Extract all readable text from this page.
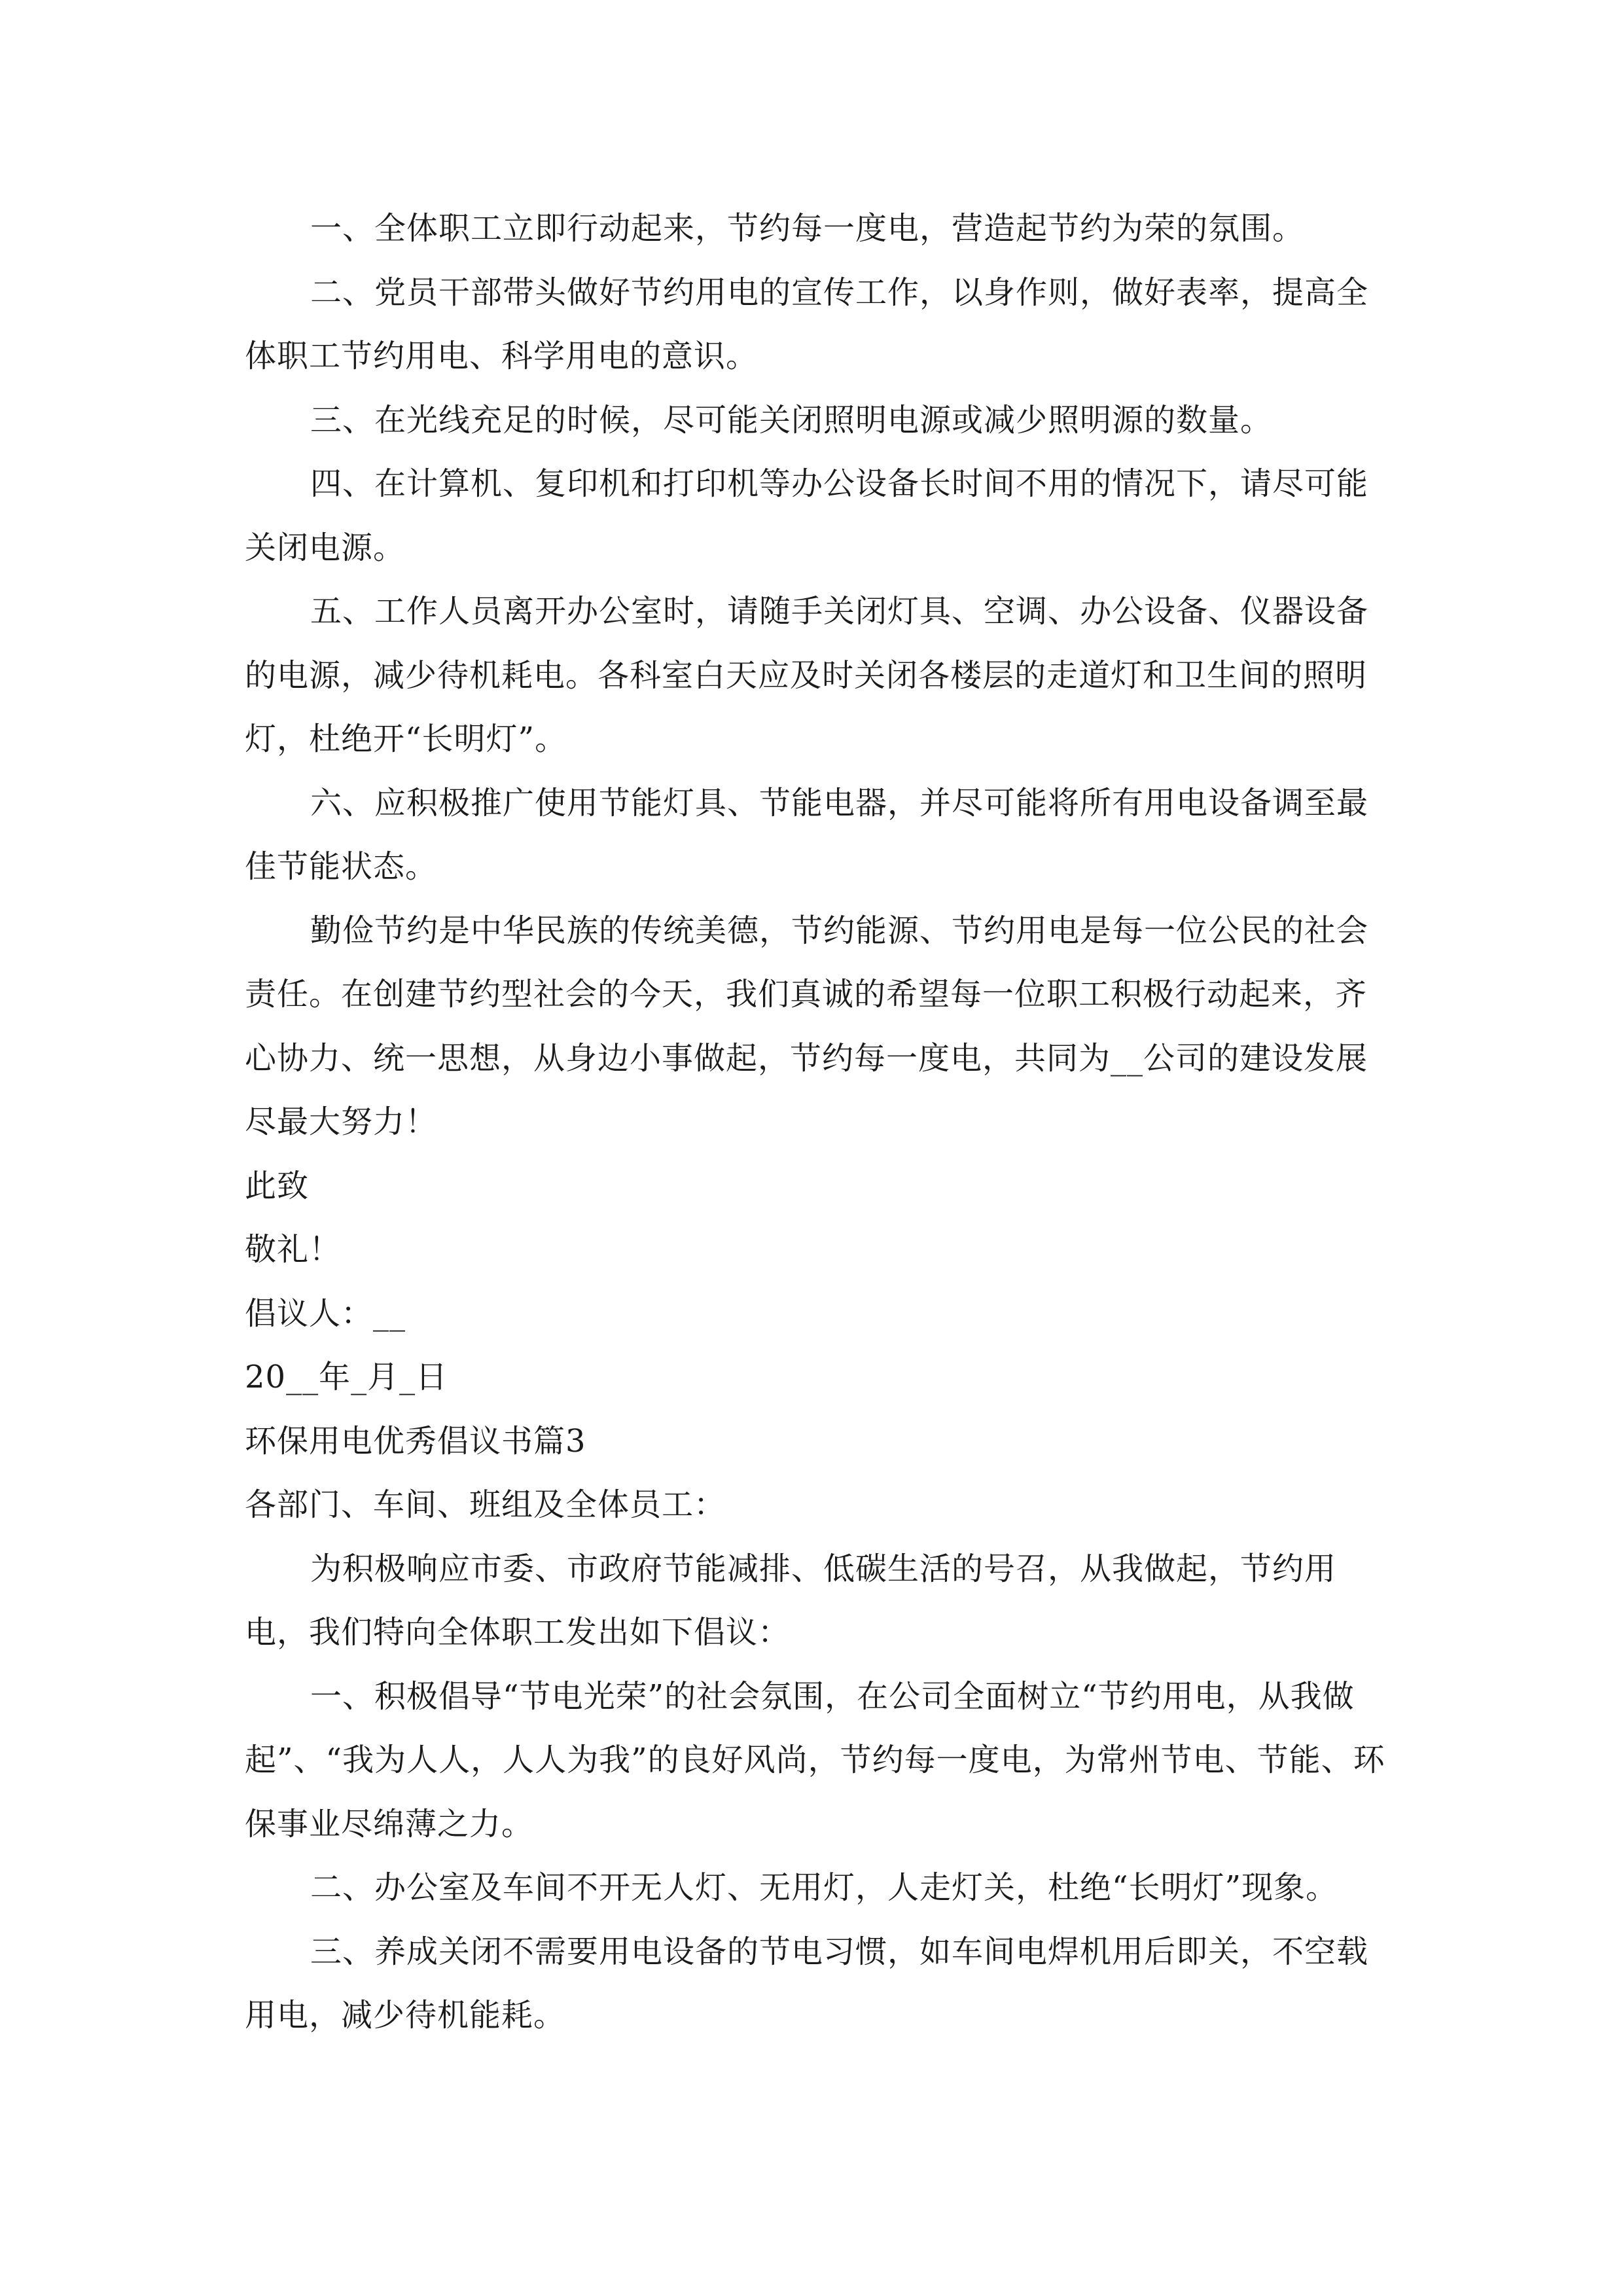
一、全体职工立即行动起来，节约每一度电，营造起节约为荣的氛围。

二、党员干部带头做好节约用电的宣传工作，以身作则，做好表率，提高全体职工节约用电、科学用电的意识。

三、在光线充足的时候，尽可能关闭照明电源或减少照明源的数量。

四、在计算机、复印机和打印机等办公设备长时间不用的情况下，请尽可能关闭电源。

五、工作人员离开办公室时，请随手关闭灯具、空调、办公设备、仪器设备的电源，减少待机耗电。各科室白天应及时关闭各楼层的走道灯和卫生间的照明灯，杜绝开“长明灯”。

六、应积极推广使用节能灯具、节能电器，并尽可能将所有用电设备调至最佳节能状态。

勤俭节约是中华民族的传统美德，节约能源、节约用电是每一位公民的社会责任。在创建节约型社会的今天，我们真诚的希望每一位职工积极行动起来，齐心协力、统一思想，从身边小事做起，节约每一度电，共同为__公司的建设发展尽最大努力！

此致

敬礼！

倡议人：__

20__年_月_日

环保用电优秀倡议书篇3

各部门、车间、班组及全体员工：

为积极响应市委、市政府节能减排、低碳生活的号召，从我做起，节约用电，我们特向全体职工发出如下倡议：

一、积极倡导“节电光荣”的社会氛围，在公司全面树立“节约用电，从我做起”、“我为人人，人人为我”的良好风尚，节约每一度电，为常州节电、节能、环保事业尽绵薄之力。

二、办公室及车间不开无人灯、无用灯，人走灯关，杜绝“长明灯”现象。

三、养成关闭不需要用电设备的节电习惯，如车间电焊机用后即关，不空载用电，减少待机能耗。
